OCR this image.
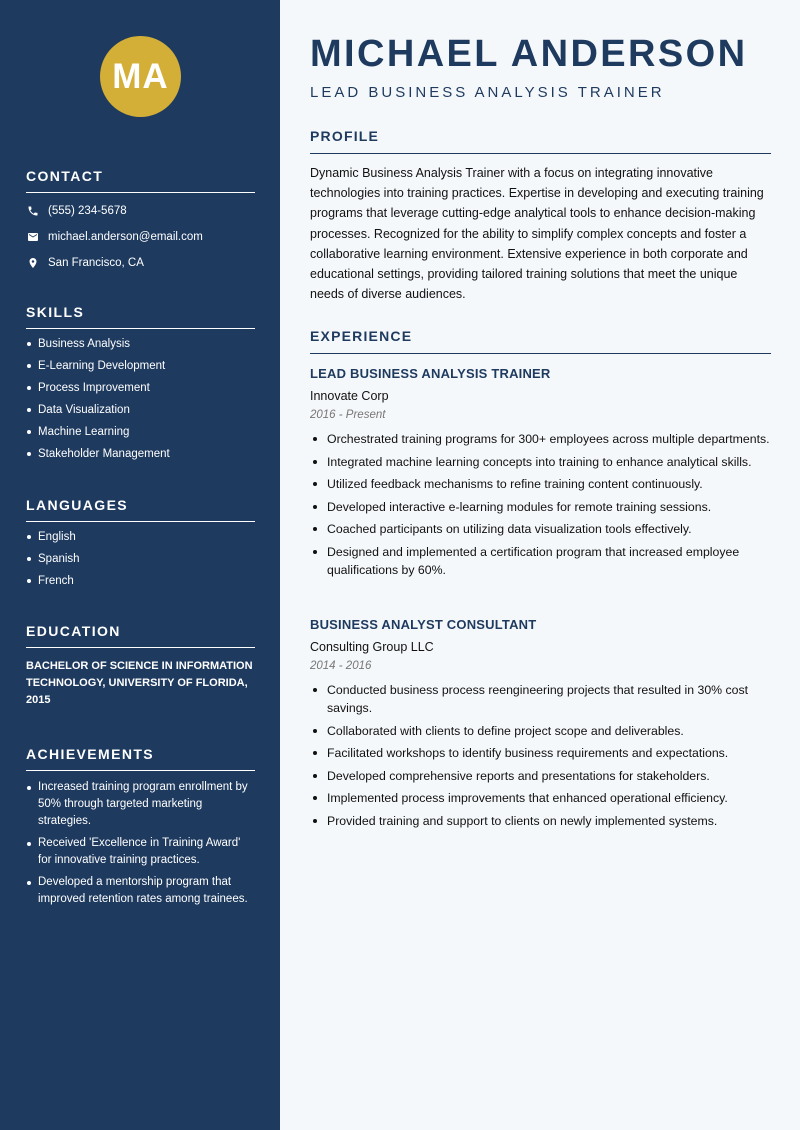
MA
CONTACT
(555) 234-5678
michael.anderson@email.com
San Francisco, CA
SKILLS
Business Analysis
E-Learning Development
Process Improvement
Data Visualization
Machine Learning
Stakeholder Management
LANGUAGES
English
Spanish
French
EDUCATION
BACHELOR OF SCIENCE IN INFORMATION TECHNOLOGY, UNIVERSITY OF FLORIDA, 2015
ACHIEVEMENTS
Increased training program enrollment by 50% through targeted marketing strategies.
Received 'Excellence in Training Award' for innovative training practices.
Developed a mentorship program that improved retention rates among trainees.
MICHAEL ANDERSON
LEAD BUSINESS ANALYSIS TRAINER
PROFILE
Dynamic Business Analysis Trainer with a focus on integrating innovative technologies into training practices. Expertise in developing and executing training programs that leverage cutting-edge analytical tools to enhance decision-making processes. Recognized for the ability to simplify complex concepts and foster a collaborative learning environment. Extensive experience in both corporate and educational settings, providing tailored training solutions that meet the unique needs of diverse audiences.
EXPERIENCE
LEAD BUSINESS ANALYSIS TRAINER
Innovate Corp
2016 - Present
Orchestrated training programs for 300+ employees across multiple departments.
Integrated machine learning concepts into training to enhance analytical skills.
Utilized feedback mechanisms to refine training content continuously.
Developed interactive e-learning modules for remote training sessions.
Coached participants on utilizing data visualization tools effectively.
Designed and implemented a certification program that increased employee qualifications by 60%.
BUSINESS ANALYST CONSULTANT
Consulting Group LLC
2014 - 2016
Conducted business process reengineering projects that resulted in 30% cost savings.
Collaborated with clients to define project scope and deliverables.
Facilitated workshops to identify business requirements and expectations.
Developed comprehensive reports and presentations for stakeholders.
Implemented process improvements that enhanced operational efficiency.
Provided training and support to clients on newly implemented systems.
